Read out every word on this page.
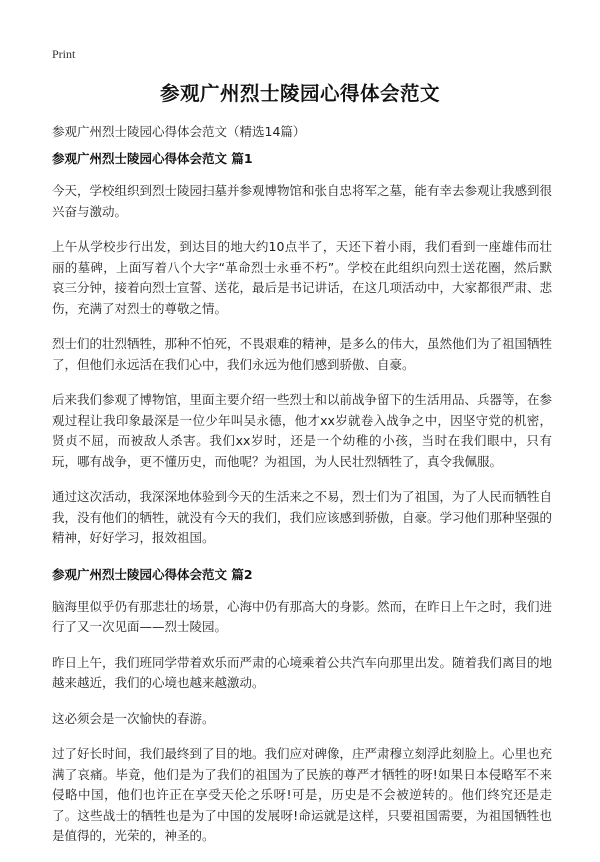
Print
参观广州烈士陵园心得体会范文
参观广州烈士陵园心得体会范文（精选14篇）
参观广州烈士陵园心得体会范文 篇1

今天，学校组织到烈士陵园扫墓并参观博物馆和张自忠将军之墓，能有幸去参观让我感到很兴奋与激动。

上午从学校步行出发，到达目的地大约10点半了，天还下着小雨，我们看到一座雄伟而壮丽的墓碑，上面写着八个大字“革命烈士永垂不朽”。学校在此组织向烈士送花圈，然后默哀三分钟，接着向烈士宣誓、送花，最后是书记讲话，在这几项活动中，大家都很严肃、悲伤，充满了对烈士的尊敬之情。

烈士们的壮烈牺牲，那种不怕死，不畏艰难的精神，是多么的伟大，虽然他们为了祖国牺牲了，但他们永远活在我们心中，我们永远为他们感到骄傲、自豪。

后来我们参观了博物馆，里面主要介绍一些烈士和以前战争留下的生活用品、兵器等，在参观过程让我印象最深是一位少年叫吴永德，他才xx岁就卷入战争之中，因坚守党的机密，贤贞不屈，而被敌人杀害。我们xx岁时，还是一个幼稚的小孩，当时在我们眼中，只有玩，哪有战争，更不懂历史，而他呢？为祖国，为人民壮烈牺牲了，真令我佩服。

通过这次活动，我深深地体验到今天的生活来之不易，烈士们为了祖国，为了人民而牺牲自我，没有他们的牺牲，就没有今天的我们，我们应该感到骄傲，自豪。学习他们那种坚强的精神，好好学习，报效祖国。

参观广州烈士陵园心得体会范文 篇2

脑海里似乎仍有那悲壮的场景，心海中仍有那高大的身影。然而，在昨日上午之时，我们进行了又一次见面——烈士陵园。

昨日上午，我们班同学带着欢乐而严肃的心境乘着公共汽车向那里出发。随着我们离目的地越来越近，我们的心境也越来越激动。

这必须会是一次愉快的春游。

过了好长时间，我们最终到了目的地。我们应对碑像，庄严肃穆立刻浮此刻脸上。心里也充满了哀痛。毕竟，他们是为了我们的祖国为了民族的尊严才牺牲的呀!如果日本侵略军不来侵略中国，他们也许正在享受天伦之乐呀!可是，历史是不会被逆转的。他们终究还是走了。这些战士的牺牲也是为了中国的发展呀!命运就是这样，只要祖国需要，为祖国牺牲也是值得的，光荣的，神圣的。
